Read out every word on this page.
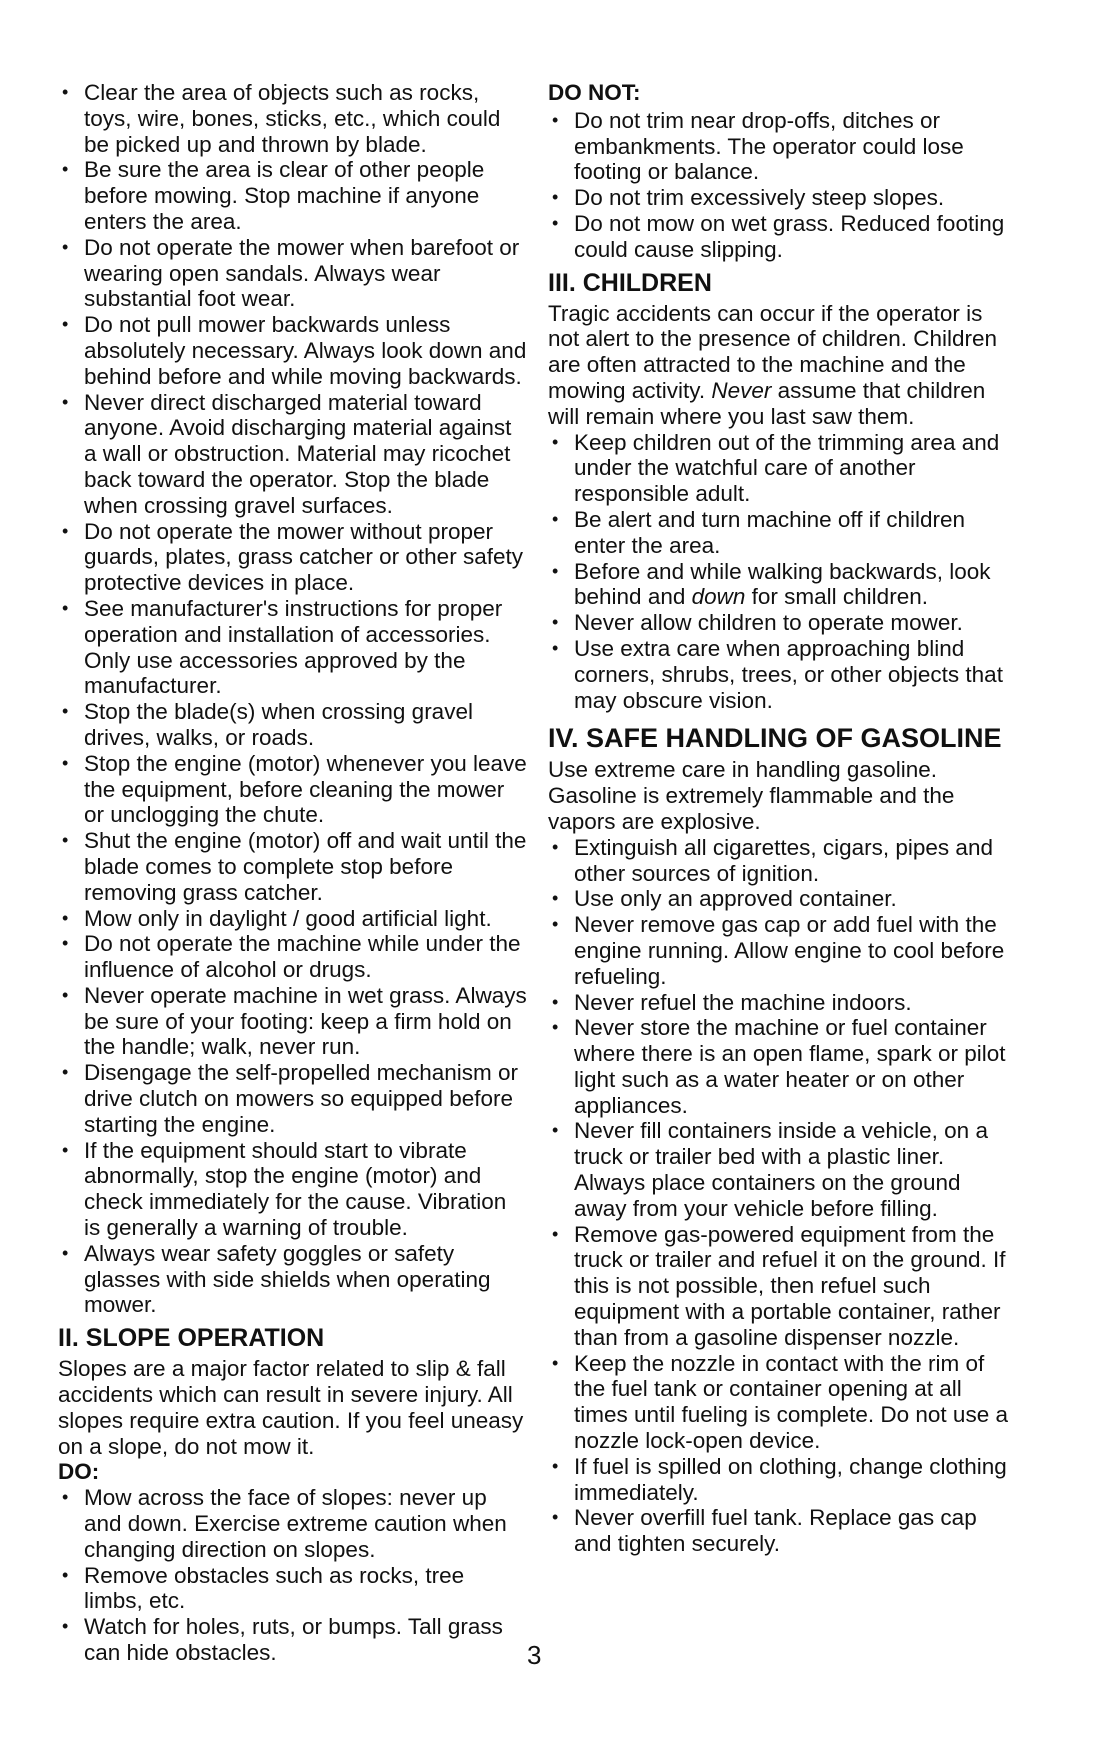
• Clear the area of objects such as rocks, toys, wire, bones, sticks, etc., which could be picked up and thrown by blade.
• Be sure the area is clear of other people before mowing. Stop machine if anyone enters the area.
• Do not operate the mower when barefoot or wearing open sandals. Always wear substantial foot wear.
• Do not pull mower backwards unless absolutely necessary. Always look down and behind before and while moving backwards.
• Never direct discharged material toward anyone. Avoid discharging material against a wall or obstruction. Material may ricochet back toward the operator. Stop the blade when crossing gravel surfaces.
• Do not operate the mower without proper guards, plates, grass catcher or other safety protective devices in place.
• See manufacturer's instructions for proper operation and installation of accessories. Only use accessories approved by the manufacturer.
• Stop the blade(s) when crossing gravel drives, walks, or roads.
• Stop the engine (motor) whenever you leave the equipment, before cleaning the mower or unclogging the chute.
• Shut the engine (motor) off and wait until the blade comes to complete stop before removing grass catcher.
• Mow only in daylight / good artificial light.
• Do not operate the machine while under the influence of alcohol or drugs.
• Never operate machine in wet grass. Always be sure of your footing: keep a firm hold on the handle; walk, never run.
• Disengage the self-propelled mechanism or drive clutch on mowers so equipped before starting the engine.
• If the equipment should start to vibrate abnormally, stop the engine (motor) and check immediately for the cause. Vibration is generally a warning of trouble.
• Always wear safety goggles or safety glasses with side shields when operating mower.
II. SLOPE OPERATION

Slopes are a major factor related to slip & fall accidents which can result in severe injury. All slopes require extra caution. If you feel uneasy on a slope, do not mow it.

DO:
• Mow across the face of slopes: never up and down. Exercise extreme caution when changing direction on slopes.
• Remove obstacles such as rocks, tree limbs, etc.
• Watch for holes, ruts, or bumps. Tall grass can hide obstacles.
DO NOT:
• Do not trim near drop-offs, ditches or embankments. The operator could lose footing or balance.
• Do not trim excessively steep slopes.
• Do not mow on wet grass. Reduced footing could cause slipping.
III. CHILDREN

Tragic accidents can occur if the operator is not alert to the presence of children. Children are often attracted to the machine and the mowing activity. Never assume that children will remain where you last saw them.

• Keep children out of the trimming area and under the watchful care of another responsible adult.
• Be alert and turn machine off if children enter the area.
• Before and while walking backwards, look behind and down for small children.
• Never allow children to operate mower.
• Use extra care when approaching blind corners, shrubs, trees, or other objects that may obscure vision.
IV. SAFE HANDLING OF GASOLINE

Use extreme care in handling gasoline. Gasoline is extremely flammable and the vapors are explosive.

• Extinguish all cigarettes, cigars, pipes and other sources of ignition.
• Use only an approved container.
• Never remove gas cap or add fuel with the engine running. Allow engine to cool before refueling.
• Never refuel the machine indoors.
• Never store the machine or fuel container where there is an open flame, spark or pilot light such as a water heater or on other appliances.
• Never fill containers inside a vehicle, on a truck or trailer bed with a plastic liner. Always place containers on the ground away from your vehicle before filling.
• Remove gas-powered equipment from the truck or trailer and refuel it on the ground. If this is not possible, then refuel such equipment with a portable container, rather than from a gasoline dispenser nozzle.
• Keep the nozzle in contact with the rim of the fuel tank or container opening at all times until fueling is complete. Do not use a nozzle lock-open device.
• If fuel is spilled on clothing, change clothing immediately.
• Never overfill fuel tank. Replace gas cap and tighten securely.
3
